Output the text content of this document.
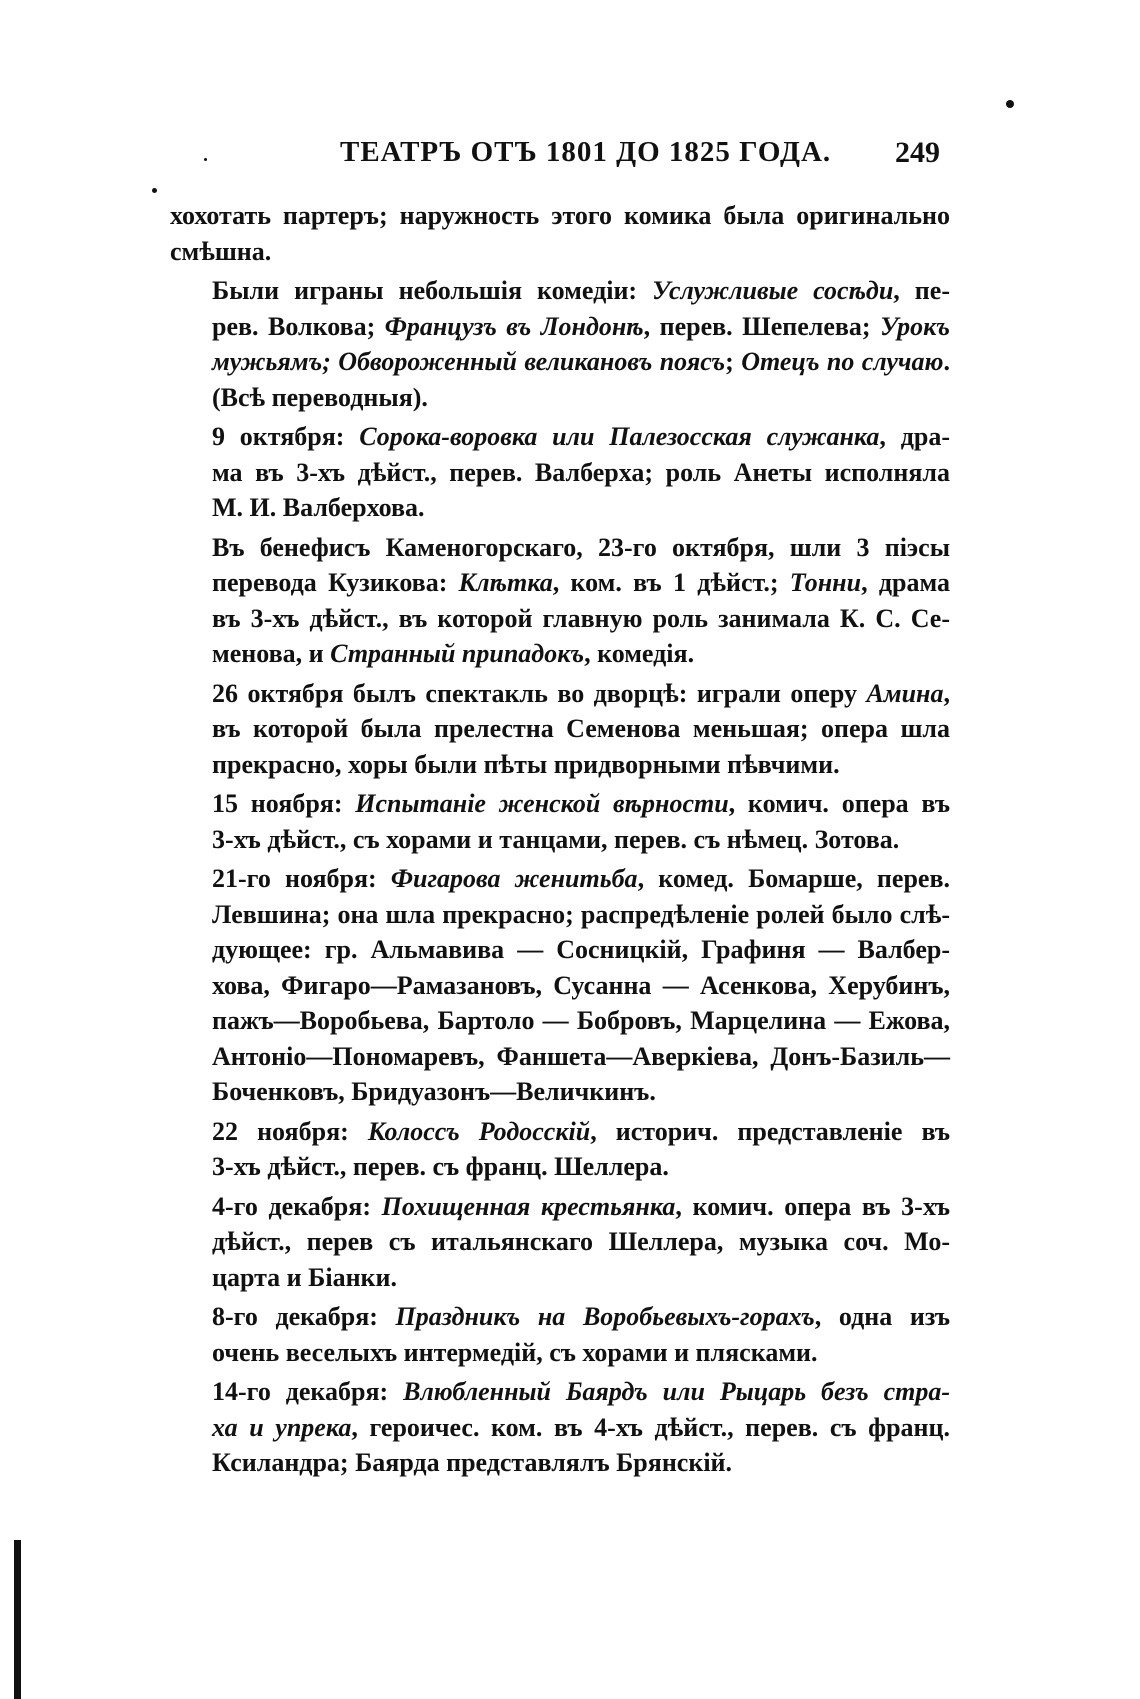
ТЕАТРЪ ОТЪ 1801 ДО 1825 ГОДА. 249
хохотать партеръ; наружность этого комика была оригинально
смѣшна.
Были играны небольшія комедіи: Услужливые сосѣди, пе-
рев. Волкова; Французъ въ Лондонѣ, перев. Шепелева; Урокъ
мужьямъ; Обвороженный великановъ поясъ; Отецъ по случаю.
(Всѣ переводныя).
9 октября: Сорока-воровка или Палезосская служанка, дра-
ма въ 3-хъ дѣйст., перев. Валберха; роль Анеты исполняла
М. И. Валберхова.
Въ бенефисъ Каменогорскаго, 23-го октября, шли 3 піэсы
перевода Кузикова: Клѣтка, ком. въ 1 дѣйст.; Тонни, драма
въ 3-хъ дѣйст., въ которой главную роль занимала К. С. Се-
менова, и Странный припадокъ, комедія.
26 октября былъ спектакль во дворцѣ: играли оперу Амина,
въ которой была прелестна Семенова меньшая; опера шла
прекрасно, хоры были пѣты придворными пѣвчими.
15 ноября: Испытаніе женской вѣрности, комич. опера въ
3-хъ дѣйст., съ хорами и танцами, перев. съ нѣмец. Зотова.
21-го ноября: Фигарова женитьба, комед. Бомарше, перев.
Левшина; она шла прекрасно; распредѣленіе ролей было слѣ-
дующее: гр. Альмавива — Сосницкій, Графиня — Валбер-
хова, Фигаро—Рамазановъ, Сусанна — Асенкова, Херубинъ,
пажъ—Воробьева, Бартоло — Бобровъ, Марцелина — Ежова,
Антоніо—Пономаревъ, Фаншета—Аверкіева, Донъ-Базиль—
Боченковъ, Бридуазонъ—Величкинъ.
22 ноября: Колоссъ Родосскій, историч. представленіе въ
3-хъ дѣйст., перев. съ франц. Шеллера.
4-го декабря: Похищенная крестьянка, комич. опера въ 3-хъ
дѣйст., перев съ итальянскаго Шеллера, музыка соч. Мо-
царта и Біанки.
8-го декабря: Праздникъ на Воробьевыхъ-горахъ, одна изъ
очень веселыхъ интермедій, съ хорами и плясками.
14-го декабря: Влюбленный Баярдъ или Рыцарь безъ стра-
ха и упрека, героичес. ком. въ 4-хъ дѣйст., перев. съ франц.
Ксиландра; Баярда представлялъ Брянскій.
